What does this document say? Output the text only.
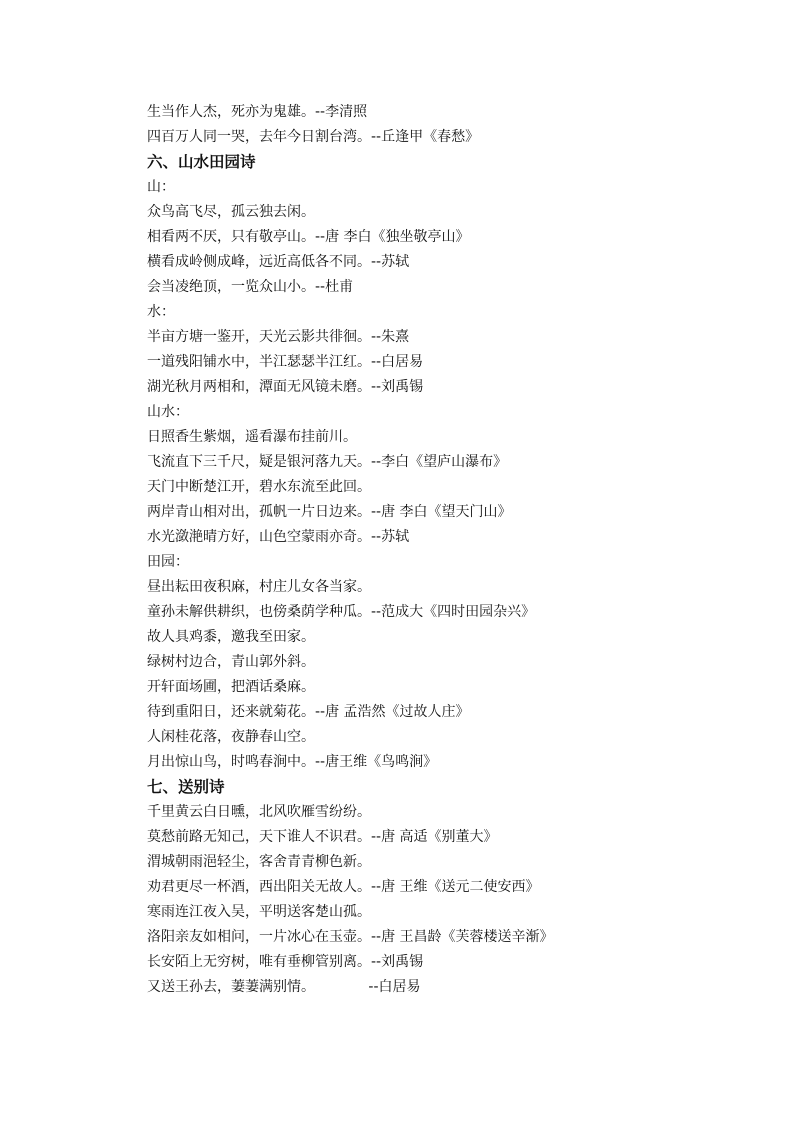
生当作人杰，死亦为鬼雄。--李清照
四百万人同一哭，去年今日割台湾。--丘逢甲《春愁》
六、山水田园诗
山：
众鸟高飞尽，孤云独去闲。
相看两不厌，只有敬亭山。--唐 李白《独坐敬亭山》
横看成岭侧成峰，远近高低各不同。--苏轼
会当凌绝顶，一览众山小。--杜甫
水：
半亩方塘一鉴开，天光云影共徘徊。--朱熹
一道残阳铺水中，半江瑟瑟半江红。--白居易
湖光秋月两相和，潭面无风镜未磨。--刘禹锡
山水：
日照香生紫烟，遥看瀑布挂前川。
飞流直下三千尺，疑是银河落九天。--李白《望庐山瀑布》
天门中断楚江开，碧水东流至此回。
两岸青山相对出，孤帆一片日边来。--唐 李白《望天门山》
水光潋滟晴方好，山色空蒙雨亦奇。--苏轼
田园：
昼出耘田夜积麻，村庄儿女各当家。
童孙未解供耕织，也傍桑荫学种瓜。--范成大《四时田园杂兴》
故人具鸡黍，邀我至田家。
绿树村边合，青山郭外斜。
开轩面场圃，把酒话桑麻。
待到重阳日，还来就菊花。--唐 孟浩然《过故人庄》
人闲桂花落，夜静春山空。
月出惊山鸟，时鸣春涧中。--唐王维《鸟鸣涧》
七、送别诗
千里黄云白日曛，北风吹雁雪纷纷。
莫愁前路无知己，天下谁人不识君。--唐 高适《别董大》
渭城朝雨浥轻尘，客舍青青柳色新。
劝君更尽一杯酒，西出阳关无故人。--唐 王维《送元二使安西》
寒雨连江夜入吴，平明送客楚山孤。
洛阳亲友如相问，一片冰心在玉壶。--唐 王昌龄《芙蓉楼送辛渐》
长安陌上无穷树，唯有垂柳管别离。--刘禹锡
又送王孙去，萋萋满别情。            --白居易
